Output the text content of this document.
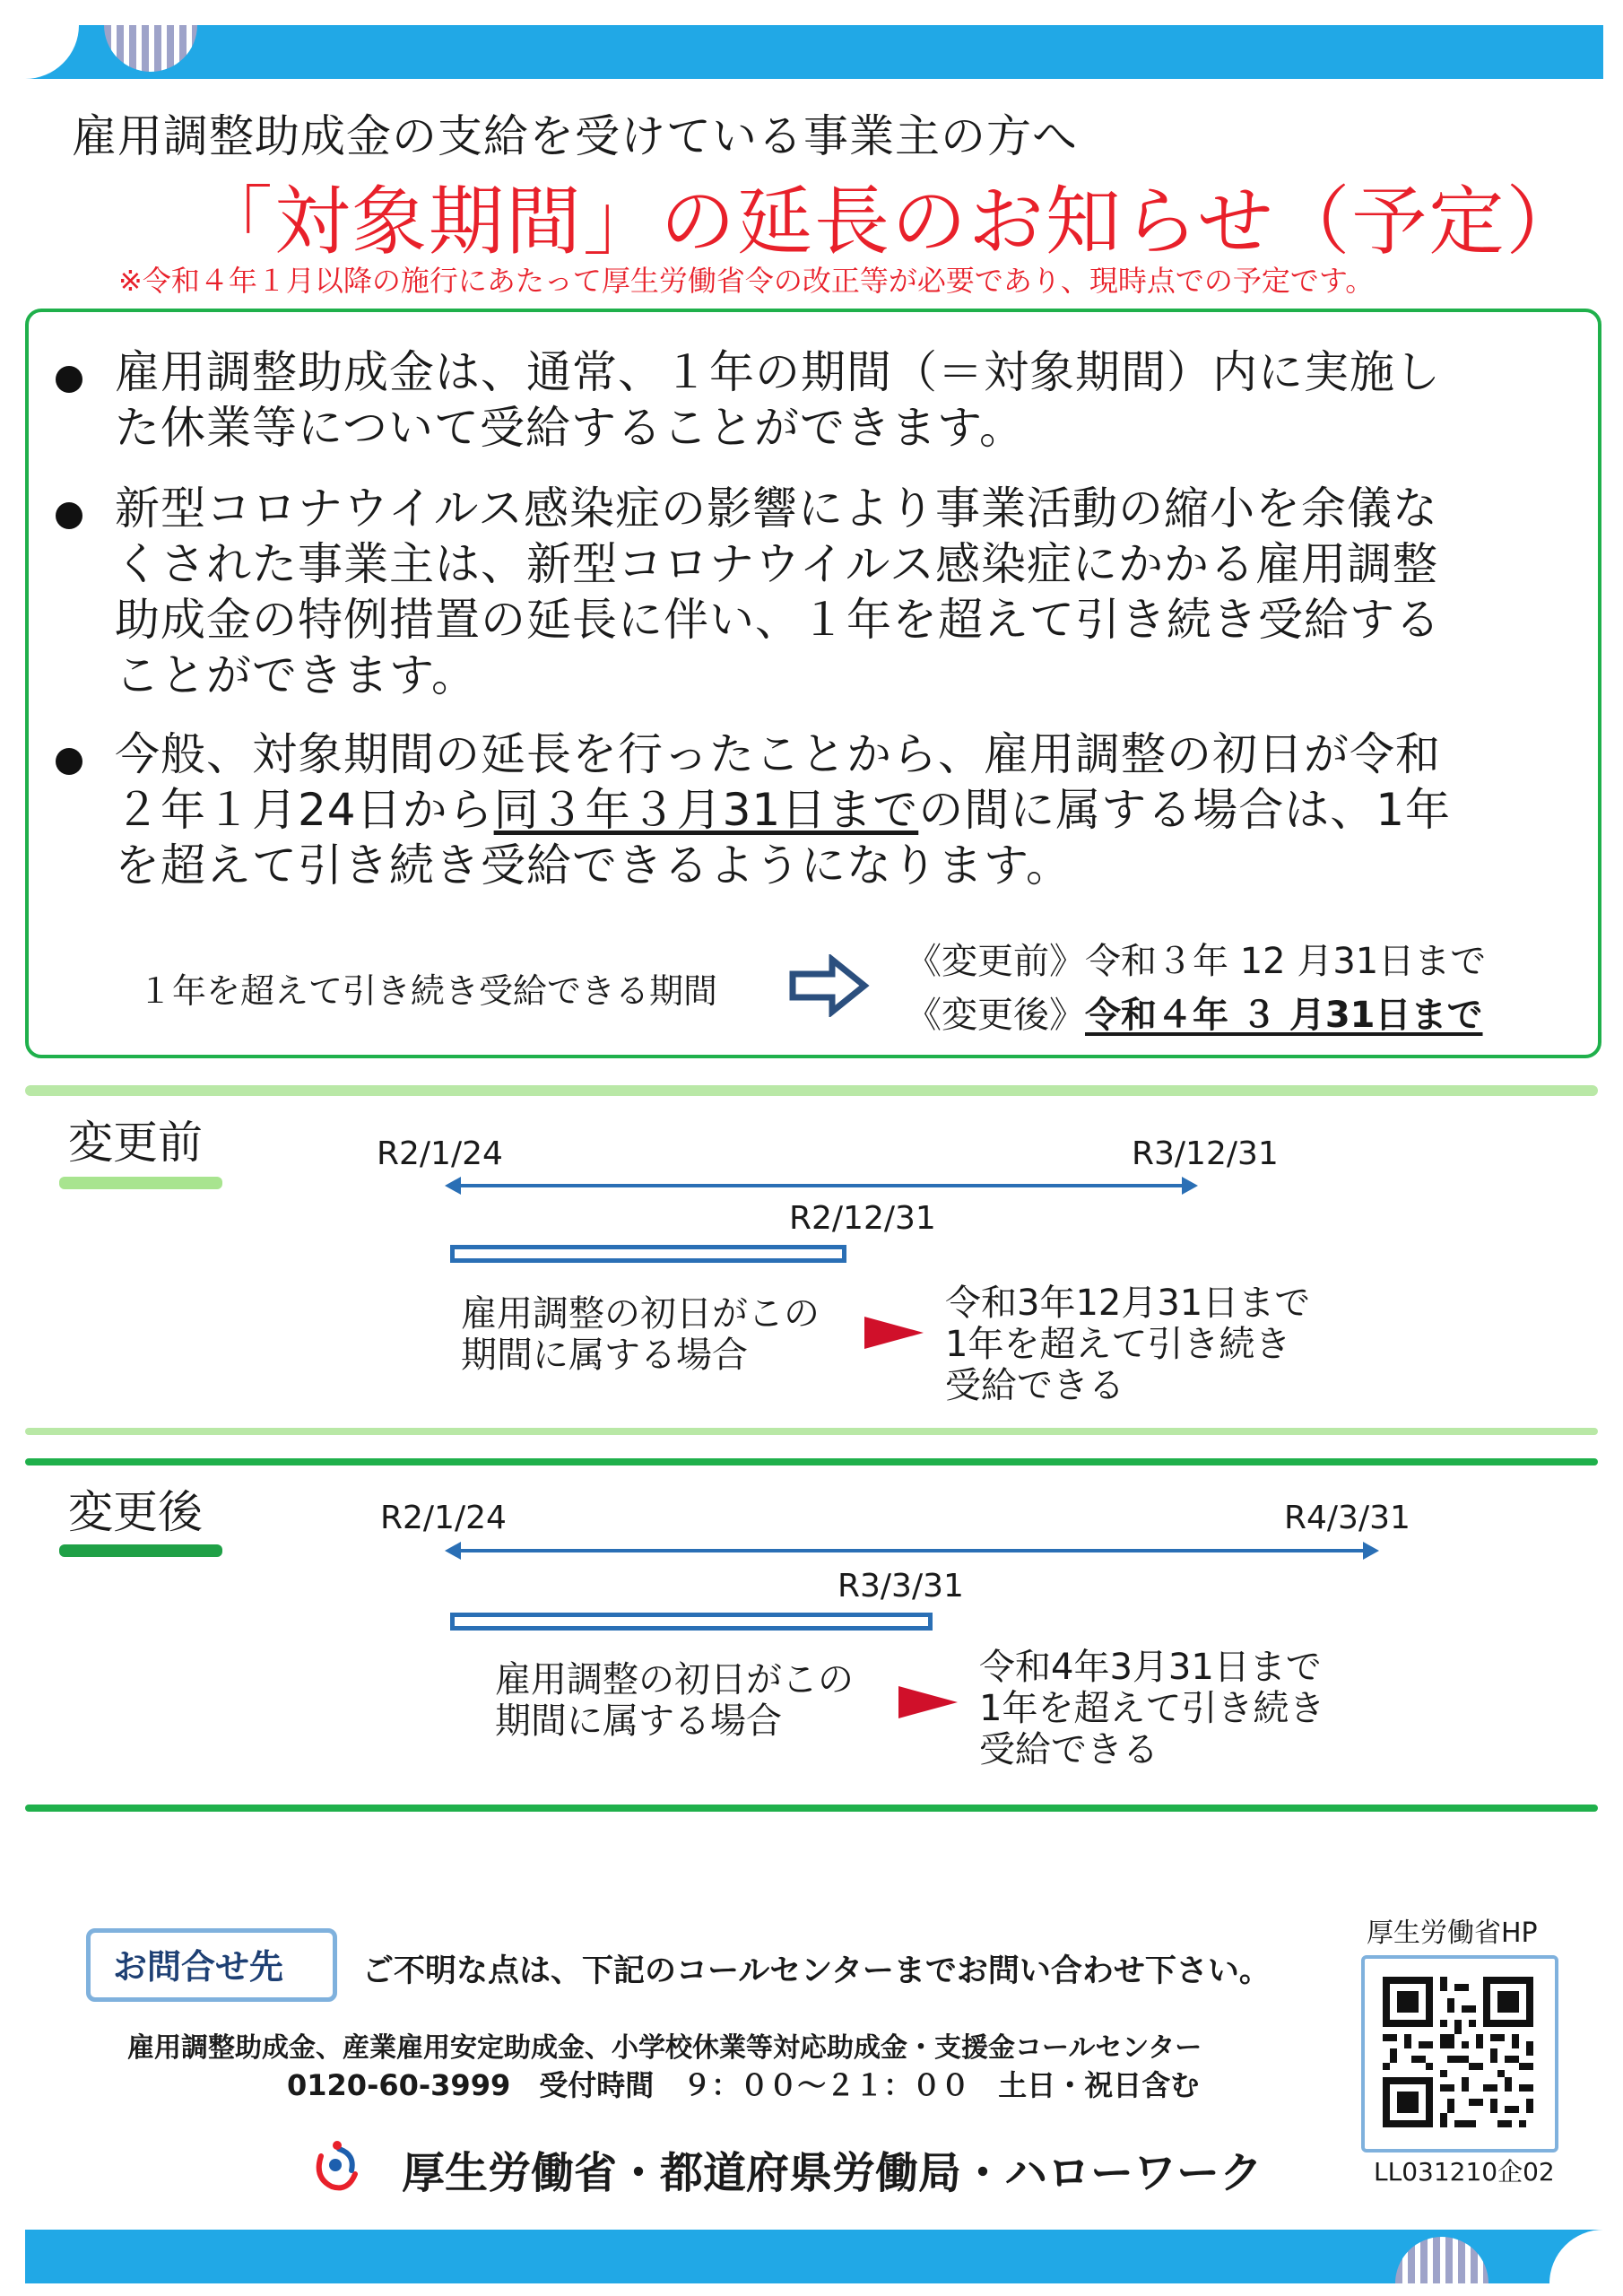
雇用調整助成金の支給を受けている事業主の方へ
「対象期間」の延長のお知らせ（予定）
※令和４年１月以降の施行にあたって厚生労働省令の改正等が必要であり、現時点での予定です。
雇用調整助成金は、通常、１年の期間（＝対象期間）内に実施し
た休業等について受給することができます。
新型コロナウイルス感染症の影響により事業活動の縮小を余儀な
くされた事業主は、新型コロナウイルス感染症にかかる雇用調整
助成金の特例措置の延長に伴い、１年を超えて引き続き受給する
ことができます。
今般、対象期間の延長を行ったことから、雇用調整の初日が令和
２年１月24日から同３年３月31日までの間に属する場合は、1年
を超えて引き続き受給できるようになります。
１年を超えて引き続き受給できる期間
《変更前》令和３年 12 月31日まで
《変更後》令和４年 ３ 月31日まで
変更前	R2/1/24	R3/12/31
R2/12/31
雇用調整の初日がこの
期間に属する場合
令和3年12月31日まで
1年を超えて引き続き
受給できる
変更後	R2/1/24	R4/3/31
R3/3/31
雇用調整の初日がこの
期間に属する場合
令和4年3月31日まで
1年を超えて引き続き
受給できる
お問合せ先	ご不明な点は、下記のコールセンターまでお問い合わせ下さい。
雇用調整助成金、産業雇用安定助成金、小学校休業等対応助成金・支援金コールセンター
0120-60-3999　受付時間　９：００～２１：００　土日・祝日含む
厚生労働省・都道府県労働局・ハローワーク
厚生労働省HP
LL031210企02
